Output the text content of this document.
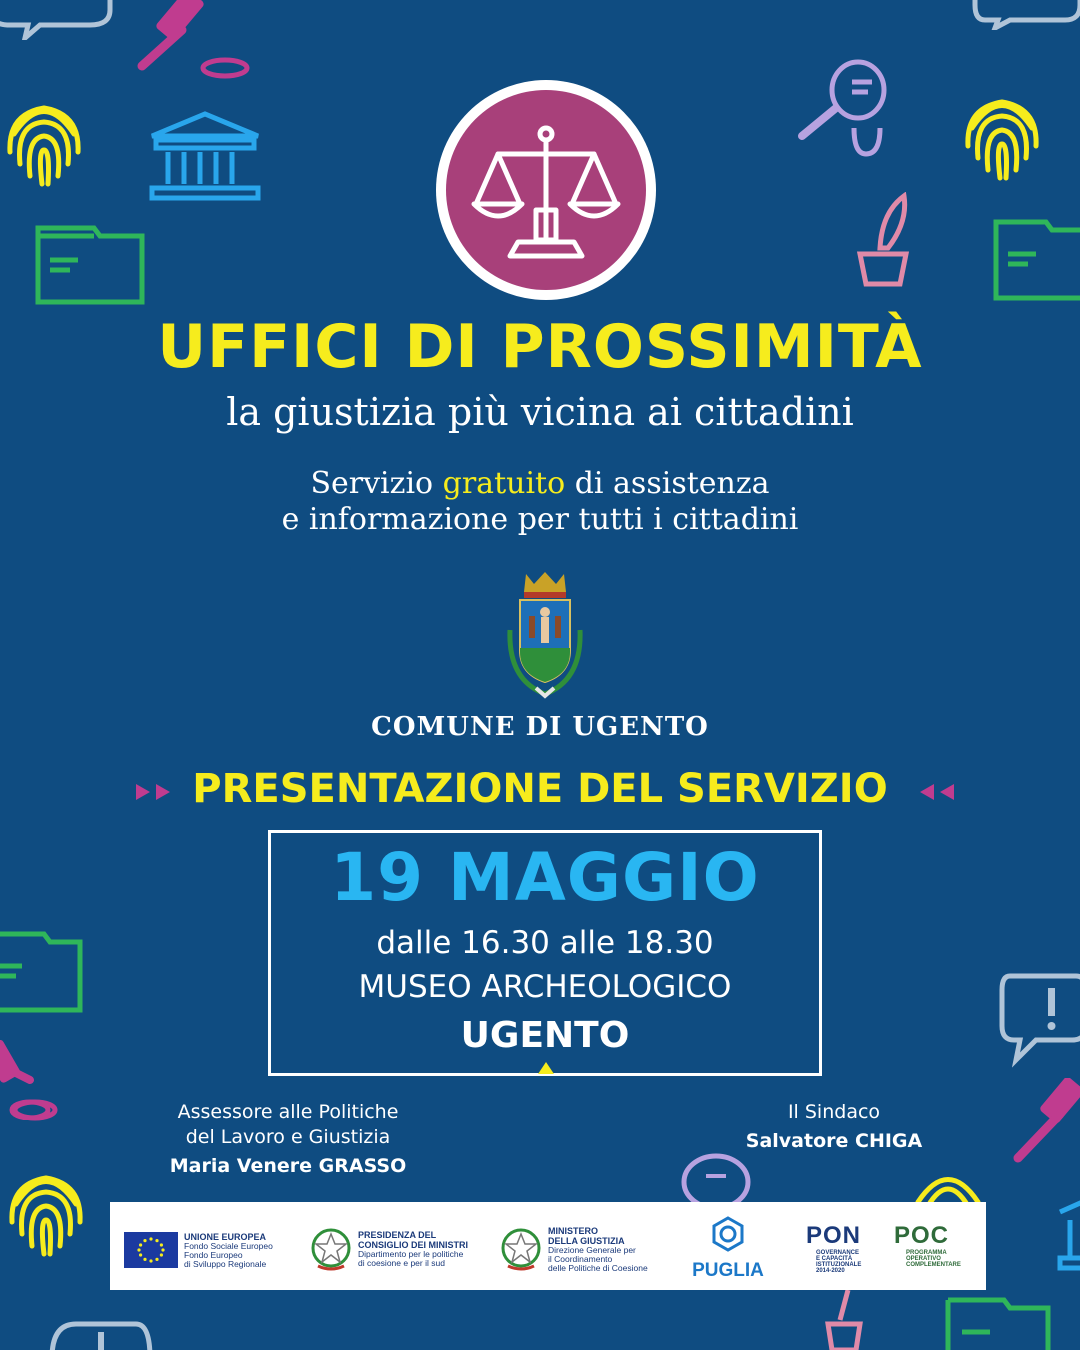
UFFICI DI PROSSIMITÀ
la giustizia più vicina ai cittadini
Servizio gratuito di assistenza
e informazione per tutti i cittadini
COMUNE DI UGENTO
PRESENTAZIONE DEL SERVIZIO
19 MAGGIO
dalle 16.30 alle 18.30
MUSEO ARCHEOLOGICO
UGENTO
Assessore alle Politiche
del Lavoro e Giustizia
Maria Venere GRASSO
Il Sindaco
Salvatore CHIGA
UNIONE EUROPEA
Fondo Sociale Europeo
Fondo Europeo
di Sviluppo Regionale
PRESIDENZA DEL
CONSIGLIO DEI MINISTRI
Dipartimento per le politiche
di coesione e per il sud
MINISTERO
DELLA GIUSTIZIA
Direzione Generale per
il Coordinamento
delle Politiche di Coesione	PUGLIA
PON
GOVERNANCE
E CAPACITÀ
ISTITUZIONALE
2014-2020
POC
PROGRAMMA
OPERATIVO
COMPLEMENTARE
